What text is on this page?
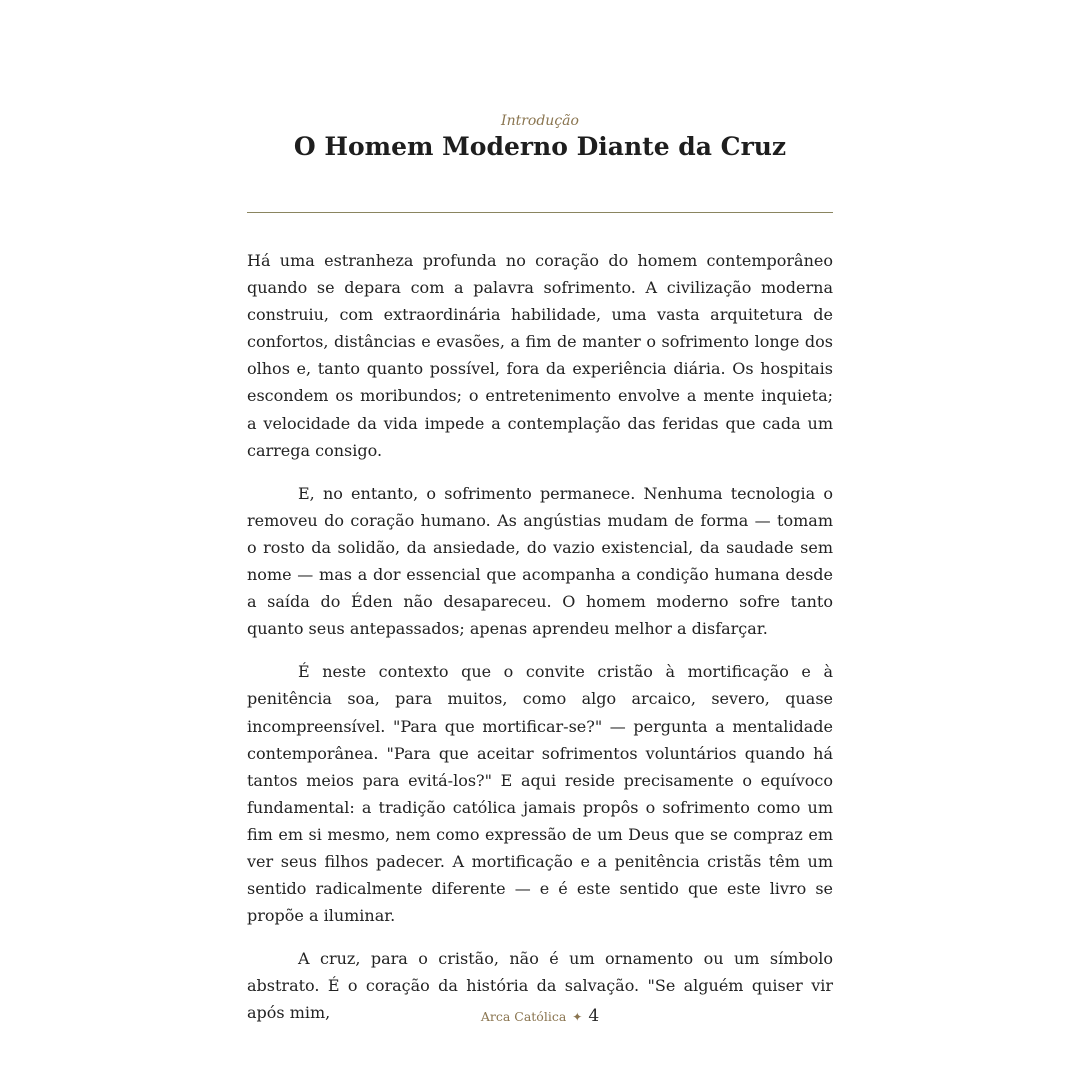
Introdução
O Homem Moderno Diante da Cruz

Há uma estranheza profunda no coração do homem contemporâneo quando se depara com a palavra sofrimento. A civilização moderna construiu, com extraordinária habilidade, uma vasta arquitetura de confortos, distâncias e evasões, a fim de manter o sofrimento longe dos olhos e, tanto quanto possível, fora da experiência diária. Os hospitais escondem os moribundos; o entretenimento envolve a mente inquieta; a velocidade da vida impede a contemplação das feridas que cada um carrega consigo.

E, no entanto, o sofrimento permanece. Nenhuma tecnologia o removeu do coração humano. As angústias mudam de forma — tomam o rosto da solidão, da ansiedade, do vazio existencial, da saudade sem nome — mas a dor essencial que acompanha a condição humana desde a saída do Éden não desapareceu. O homem moderno sofre tanto quanto seus antepassados; apenas aprendeu melhor a disfarçar.

É neste contexto que o convite cristão à mortificação e à penitência soa, para muitos, como algo arcaico, severo, quase incompreensível. "Para que mortificar-se?" — pergunta a mentalidade contemporânea. "Para que aceitar sofrimentos voluntários quando há tantos meios para evitá-los?" E aqui reside precisamente o equívoco fundamental: a tradição católica jamais propôs o sofrimento como um fim em si mesmo, nem como expressão de um Deus que se compraz em ver seus filhos padecer. A mortificação e a penitência cristãs têm um sentido radicalmente diferente — e é este sentido que este livro se propõe a iluminar.

A cruz, para o cristão, não é um ornamento ou um símbolo abstrato. É o coração da história da salvação. "Se alguém quiser vir após mim,	Arca Católica ✦ 4
